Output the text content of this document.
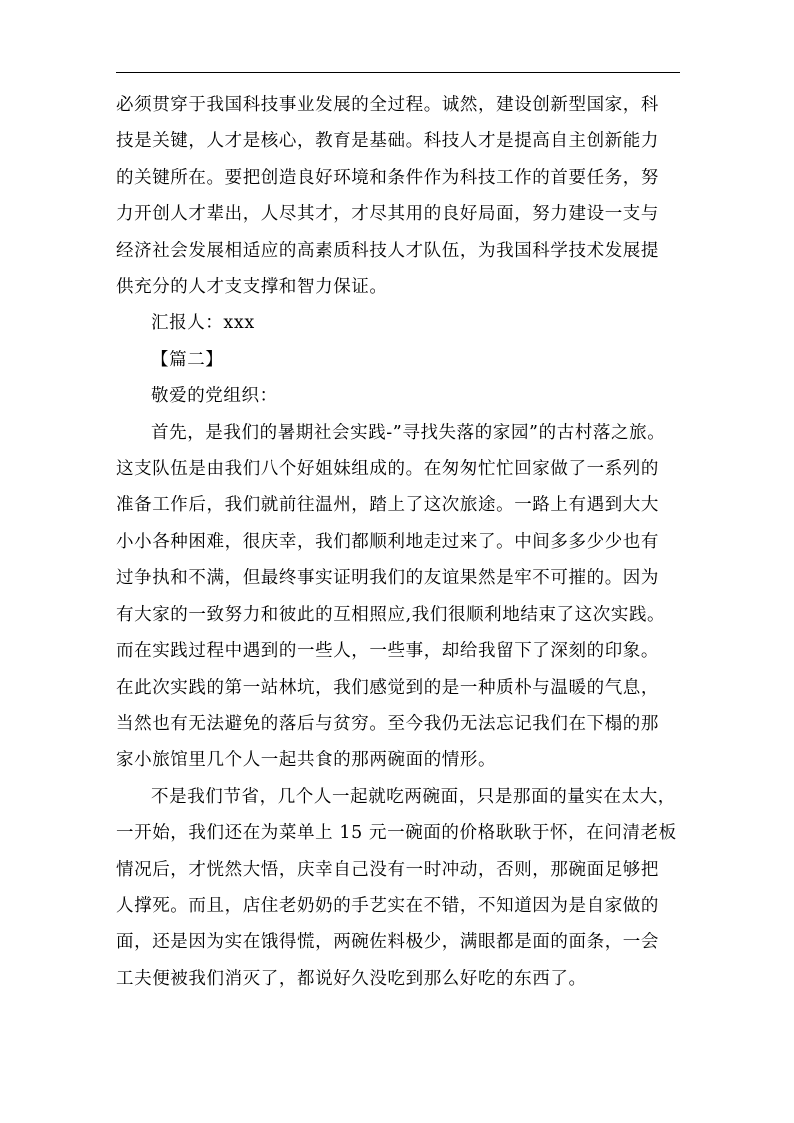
必须贯穿于我国科技事业发展的全过程。诚然，建设创新型国家，科
技是关键，人才是核心，教育是基础。科技人才是提高自主创新能力
的关键所在。要把创造良好环境和条件作为科技工作的首要任务，努
力开创人才辈出，人尽其才，才尽其用的良好局面，努力建设一支与
经济社会发展相适应的高素质科技人才队伍，为我国科学技术发展提
供充分的人才支支撑和智力保证。

汇报人：xxx

【篇二】

敬爱的党组织：

首先，是我们的暑期社会实践-”寻找失落的家园”的古村落之旅。
这支队伍是由我们八个好姐妹组成的。在匆匆忙忙回家做了一系列的
准备工作后，我们就前往温州，踏上了这次旅途。一路上有遇到大大
小小各种困难，很庆幸，我们都顺利地走过来了。中间多多少少也有
过争执和不满，但最终事实证明我们的友谊果然是牢不可摧的。因为
有大家的一致努力和彼此的互相照应,我们很顺利地结束了这次实践。
而在实践过程中遇到的一些人，一些事，却给我留下了深刻的印象。
在此次实践的第一站林坑，我们感觉到的是一种质朴与温暖的气息，
当然也有无法避免的落后与贫穷。至今我仍无法忘记我们在下榻的那
家小旅馆里几个人一起共食的那两碗面的情形。

不是我们节省，几个人一起就吃两碗面，只是那面的量实在太大，
一开始，我们还在为菜单上 15 元一碗面的价格耿耿于怀，在问清老板
情况后，才恍然大悟，庆幸自己没有一时冲动，否则，那碗面足够把
人撑死。而且，店住老奶奶的手艺实在不错，不知道因为是自家做的
面，还是因为实在饿得慌，两碗佐料极少，满眼都是面的面条，一会
工夫便被我们消灭了，都说好久没吃到那么好吃的东西了。
